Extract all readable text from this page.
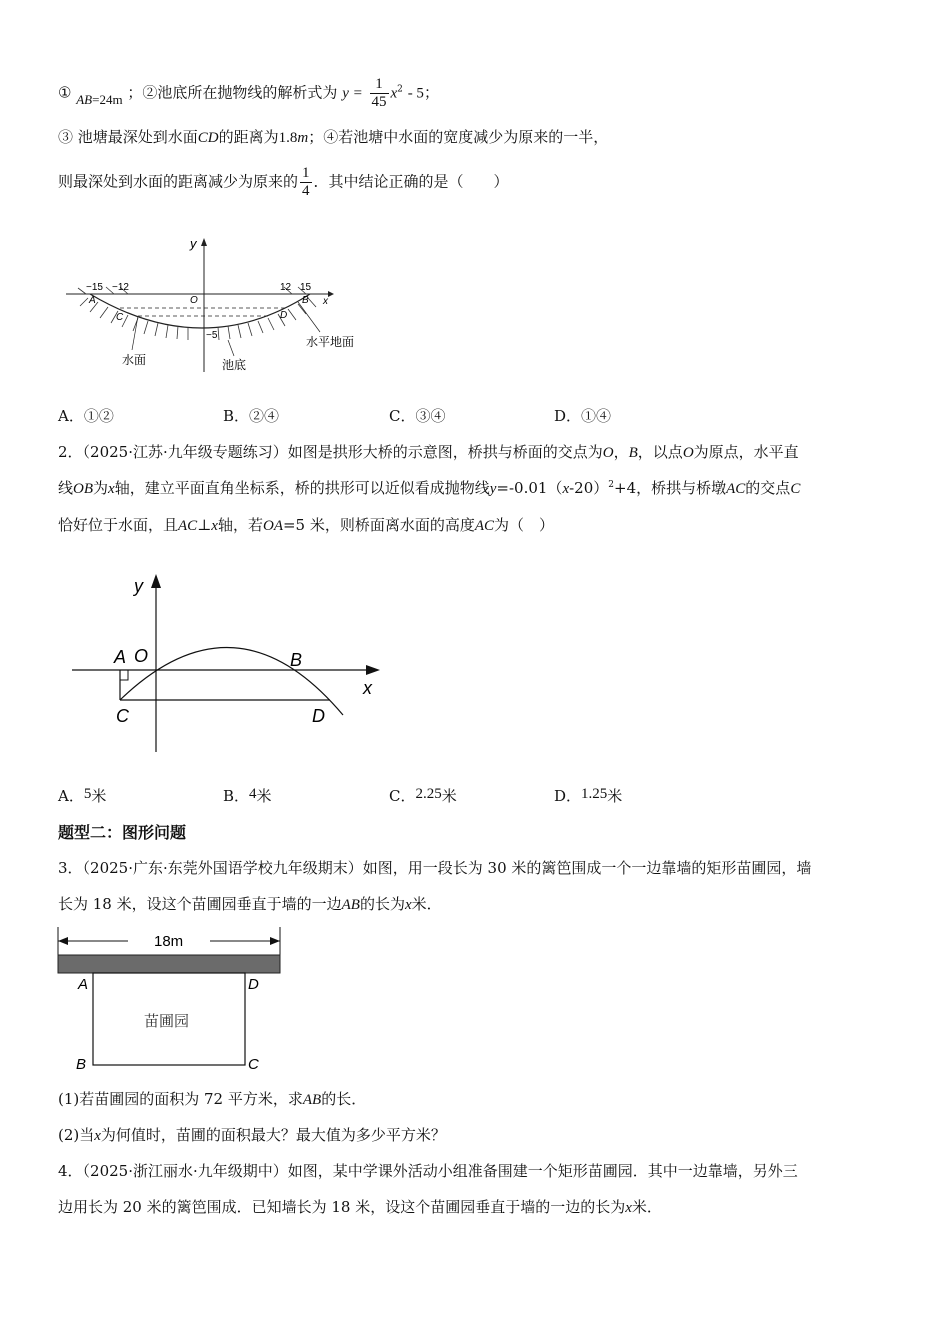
① AB=24m ；②池底所在抛物线的解析式为 $y = \frac{1}{45} x^2 - 5$；
③ 池塘最深处到水面CD的距离为1.8m；④若池塘中水面的宽度减少为原来的一半，
则最深处到水面的距离减少为原来的 $\frac{1}{4}$ ．其中结论正确的是（　　）
y
x
−15 −12	12 15
A	B
C	D
O
−5
水面	池底
水平地面
A．①②	B．②④	C．③④	D．①④
2．（2025·江苏·九年级专题练习）如图是拱形大桥的示意图，桥拱与桥面的交点为O，B，以点O为原点，水平直
线OB为x轴，建立平面直角坐标系，桥的拱形可以近似看成抛物线$y=-0.01(x-20)^2+4$，桥拱与桥墩AC的交点C
恰好位于水面，且AC⊥x轴，若OA=5 米，则桥面离水面的高度AC为（　）
y
x
A O	B
C	D
A．5米	B．4米	C．2.25米	D．1.25米
题型二：图形问题
3．（2025·广东·东莞外国语学校九年级期末）如图，用一段长为 30 米的篱笆围成一个一边靠墙的矩形苗圃园，墙
长为 18 米，设这个苗圃园垂直于墙的一边AB的长为x米．
18m
A
B	C
D
苗圃园
(1)若苗圃园的面积为 72 平方米，求AB的长．
(2)当x为何值时，苗圃的面积最大？最大值为多少平方米？
4．（2025·浙江丽水·九年级期中）如图，某中学课外活动小组准备围建一个矩形苗圃园．其中一边靠墙，另外三
边用长为 20 米的篱笆围成．已知墙长为 18 米，设这个苗圃园垂直于墙的一边的长为x米．
